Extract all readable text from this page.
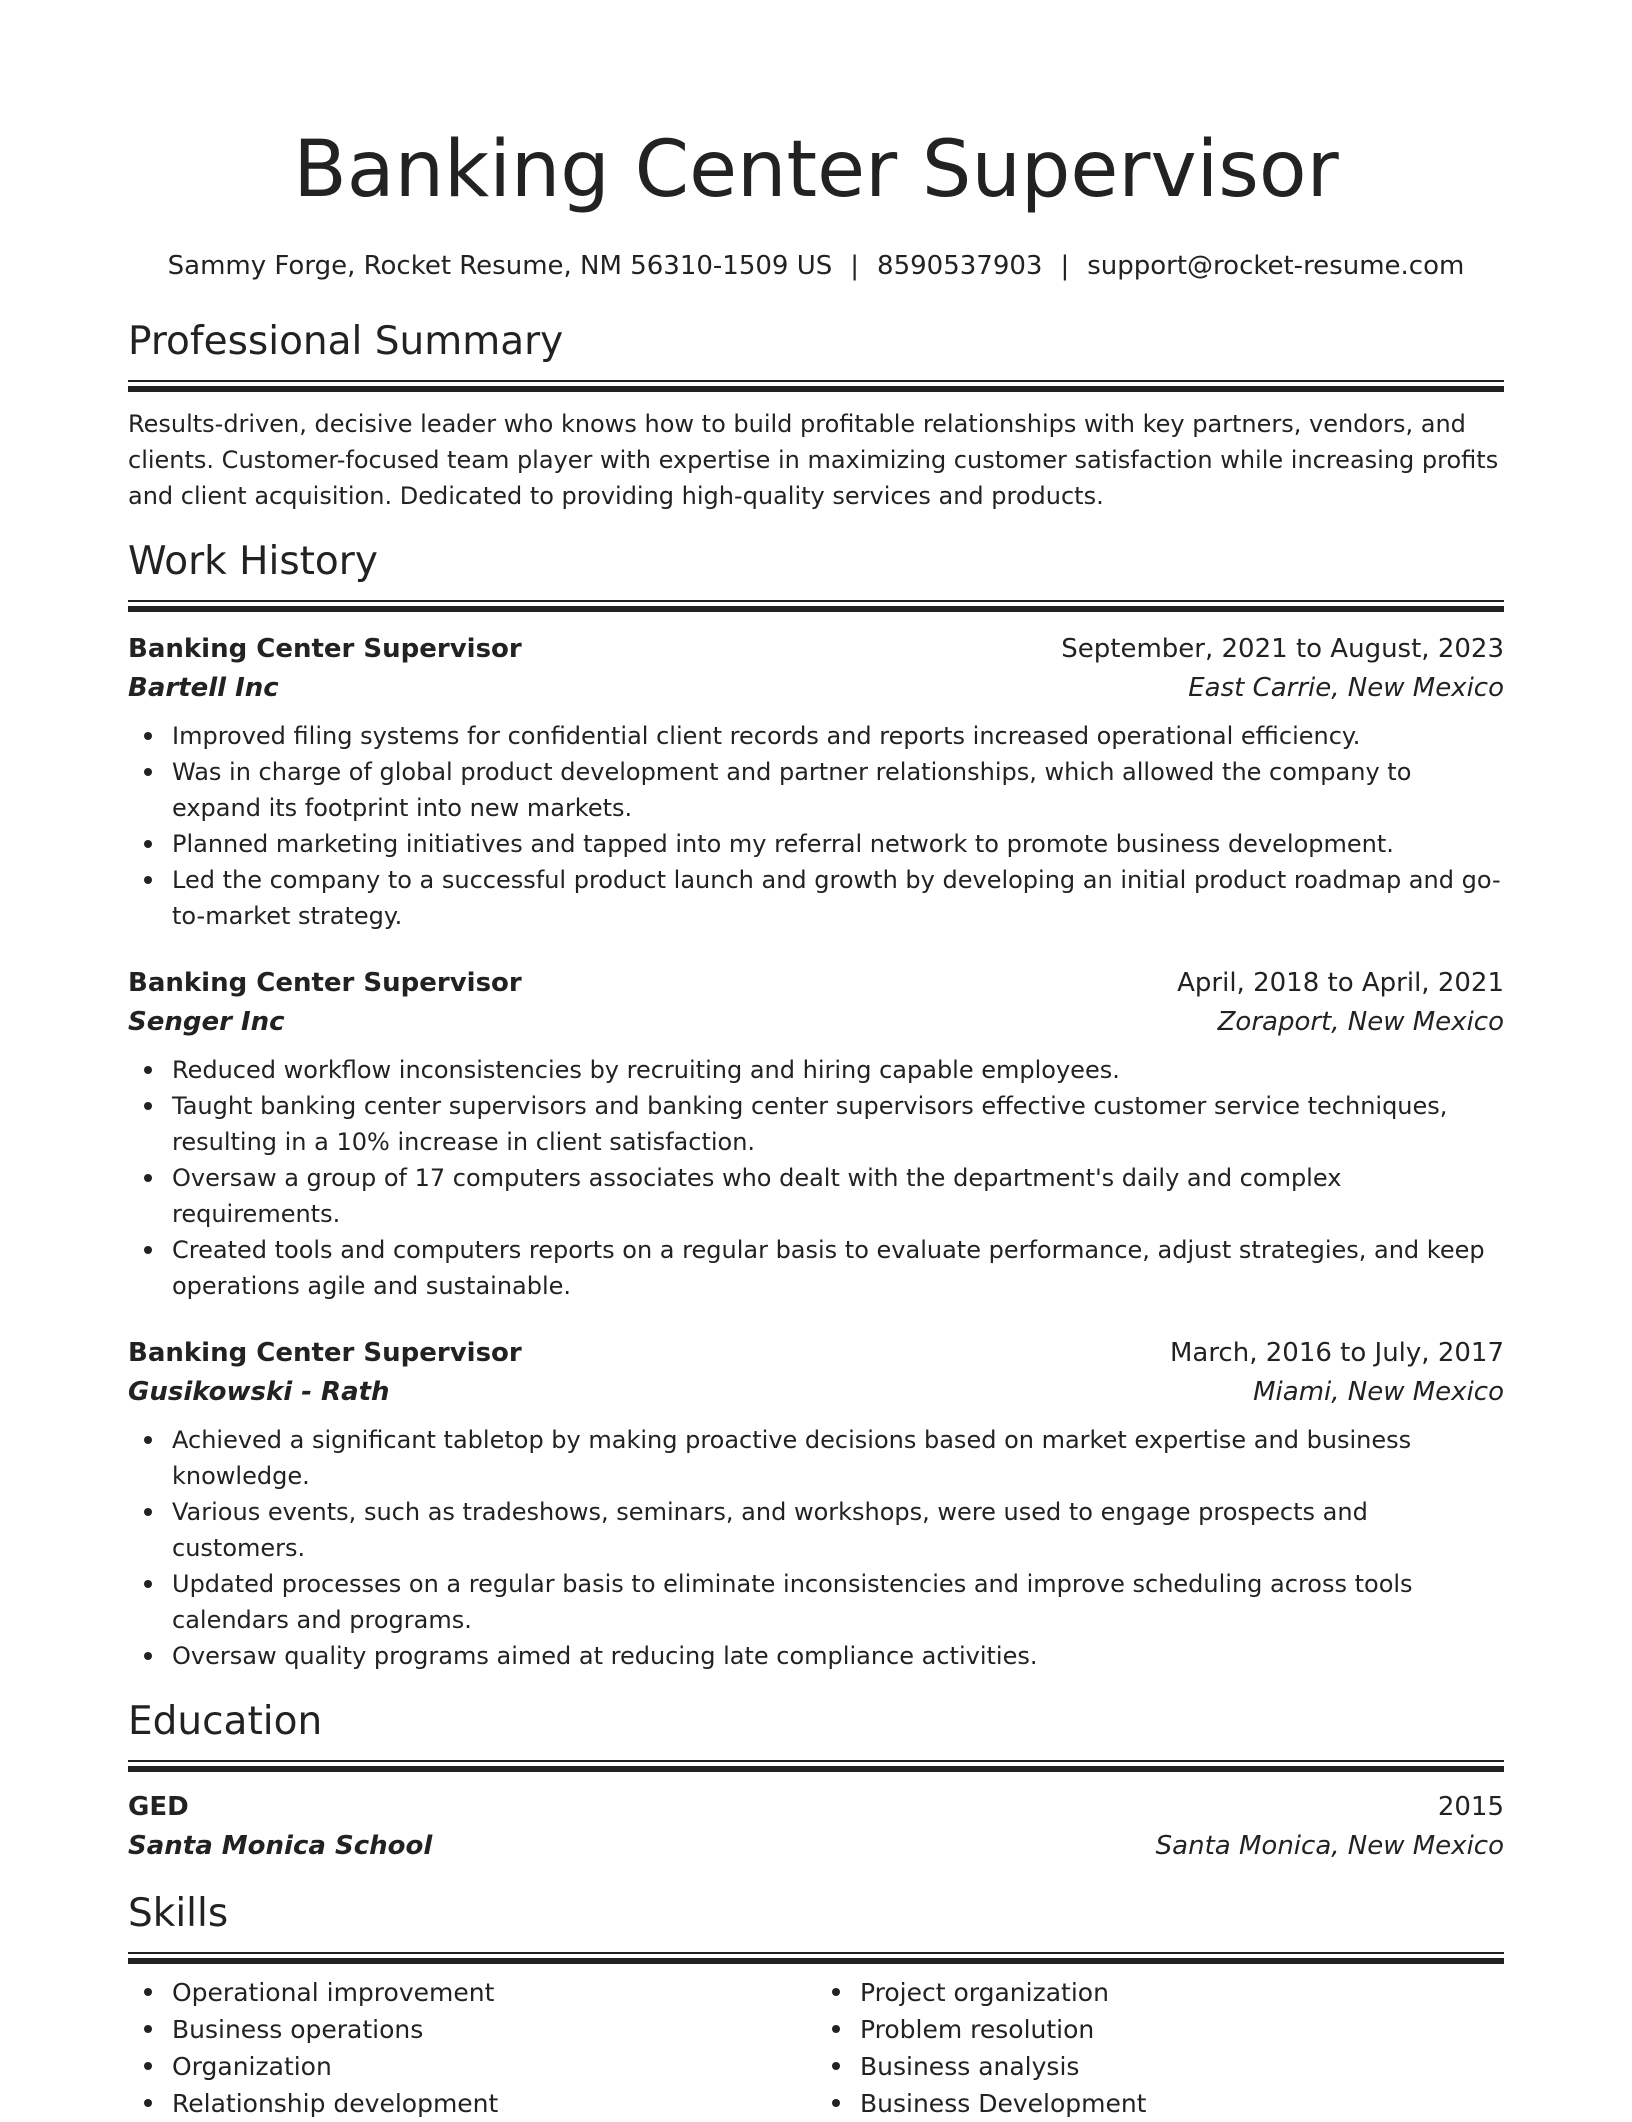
Banking Center Supervisor
Sammy Forge, Rocket Resume, NM 56310-1509 US | 8590537903 | support@rocket-resume.com
Professional Summary
Results-driven, decisive leader who knows how to build profitable relationships with key partners, vendors, and clients. Customer-focused team player with expertise in maximizing customer satisfaction while increasing profits and client acquisition. Dedicated to providing high-quality services and products.
Work History
Banking Center Supervisor	September, 2021 to August, 2023
Bartell Inc	East Carrie, New Mexico
Improved filing systems for confidential client records and reports increased operational efficiency.
Was in charge of global product development and partner relationships, which allowed the company to expand its footprint into new markets.
Planned marketing initiatives and tapped into my referral network to promote business development.
Led the company to a successful product launch and growth by developing an initial product roadmap and go-to-market strategy.
Banking Center Supervisor	April, 2018 to April, 2021
Senger Inc	Zoraport, New Mexico
Reduced workflow inconsistencies by recruiting and hiring capable employees.
Taught banking center supervisors and banking center supervisors effective customer service techniques, resulting in a 10% increase in client satisfaction.
Oversaw a group of 17 computers associates who dealt with the department's daily and complex requirements.
Created tools and computers reports on a regular basis to evaluate performance, adjust strategies, and keep operations agile and sustainable.
Banking Center Supervisor	March, 2016 to July, 2017
Gusikowski - Rath	Miami, New Mexico
Achieved a significant tabletop by making proactive decisions based on market expertise and business knowledge.
Various events, such as tradeshows, seminars, and workshops, were used to engage prospects and customers.
Updated processes on a regular basis to eliminate inconsistencies and improve scheduling across tools calendars and programs.
Oversaw quality programs aimed at reducing late compliance activities.
Education
GED	2015
Santa Monica School	Santa Monica, New Mexico
Skills
Operational improvement
Business operations
Organization
Relationship development
Project organization
Problem resolution
Business analysis
Business Development
